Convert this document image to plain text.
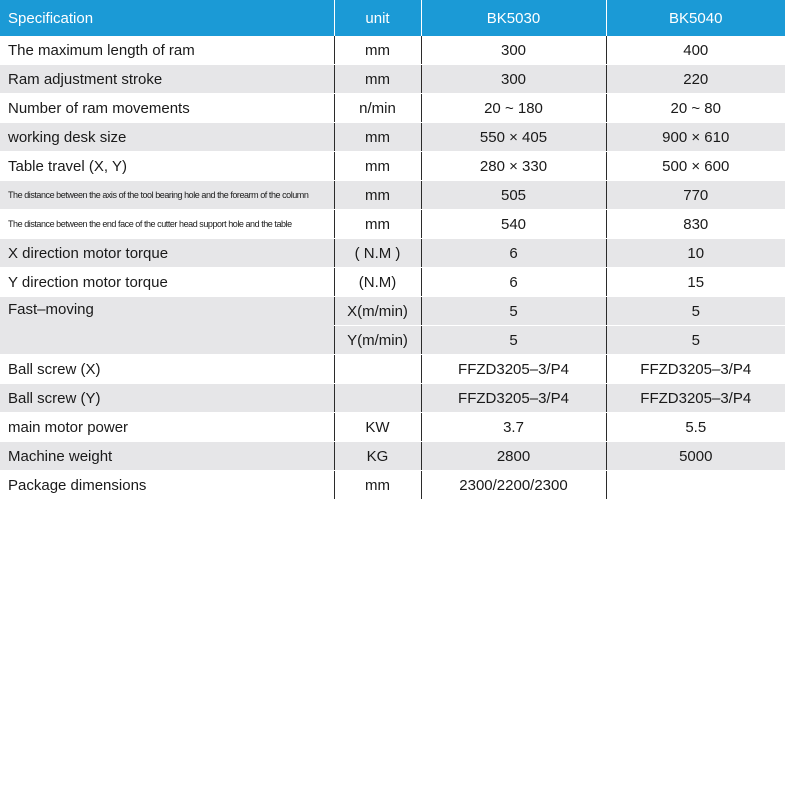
Specification	unit	BK5030	BK5040
The maximum length of ram	mm	300	400
Ram adjustment stroke	mm	300	220
Number of ram movements	n/min	20 ~ 180	20 ~ 80
working desk size	mm	550 × 405	900 × 610
Table travel (X, Y)	mm	280 × 330	500 × 600
The distance between the axis of the tool bearing hole and the forearm of the column	mm	505	770
The distance between the end face of the cutter head support hole and the table	mm	540	830
X direction motor torque	( N.M )	6	10
Y direction motor torque	(N.M)	6	15
Fast–moving	X(m/min)	5	5
	Y(m/min)	5	5
Ball screw (X)		FFZD3205–3/P4	FFZD3205–3/P4
Ball screw (Y)		FFZD3205–3/P4	FFZD3205–3/P4
main motor power	KW	3.7	5.5
Machine weight	KG	2800	5000
Package dimensions	mm	2300/2200/2300	
